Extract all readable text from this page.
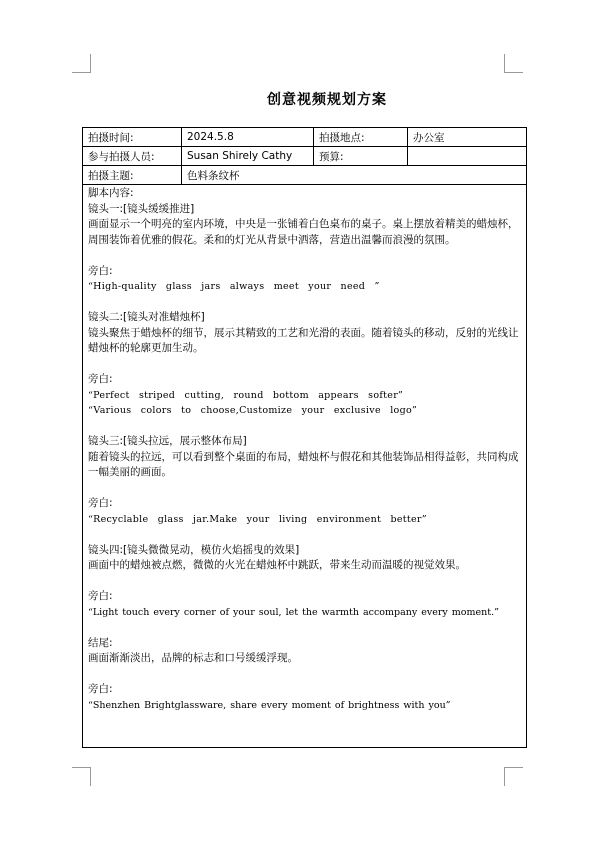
创意视频规划方案
拍摄时间:	2024.5.8	拍摄地点:	办公室
参与拍摄人员:	Susan Shirely Cathy	预算:	
拍摄主题:	色料条纹杯		

脚本内容:

镜头一:[镜头缓缓推进]

画面显示一个明亮的室内环境，中央是一张铺着白色桌布的桌子。桌上摆放着精美的蜡烛杯，周围装饰着优雅的假花。柔和的灯光从背景中洒落，营造出温馨而浪漫的氛围。

旁白:

“High-quality glass jars always meet your need ”

镜头二:[镜头对准蜡烛杯]

镜头聚焦于蜡烛杯的细节，展示其精致的工艺和光滑的表面。随着镜头的移动，反射的光线让蜡烛杯的轮廓更加生动。

旁白:

“Perfect striped cutting, round bottom appears softer”

“Various colors to choose,Customize your exclusive logo”

镜头三:[镜头拉远，展示整体布局]

随着镜头的拉远，可以看到整个桌面的布局，蜡烛杯与假花和其他装饰品相得益彰，共同构成一幅美丽的画面。

旁白:

“Recyclable glass jar.Make your living environment better”

镜头四:[镜头微微晃动，模仿火焰摇曳的效果]

画面中的蜡烛被点燃，微微的火光在蜡烛杯中跳跃，带来生动而温暖的视觉效果。

旁白:

“Light touch every corner of your soul, let the warmth accompany every moment.”

结尾:

画面渐渐淡出，品牌的标志和口号缓缓浮现。

旁白:

“Shenzhen Brightglassware, share every moment of brightness with you”
